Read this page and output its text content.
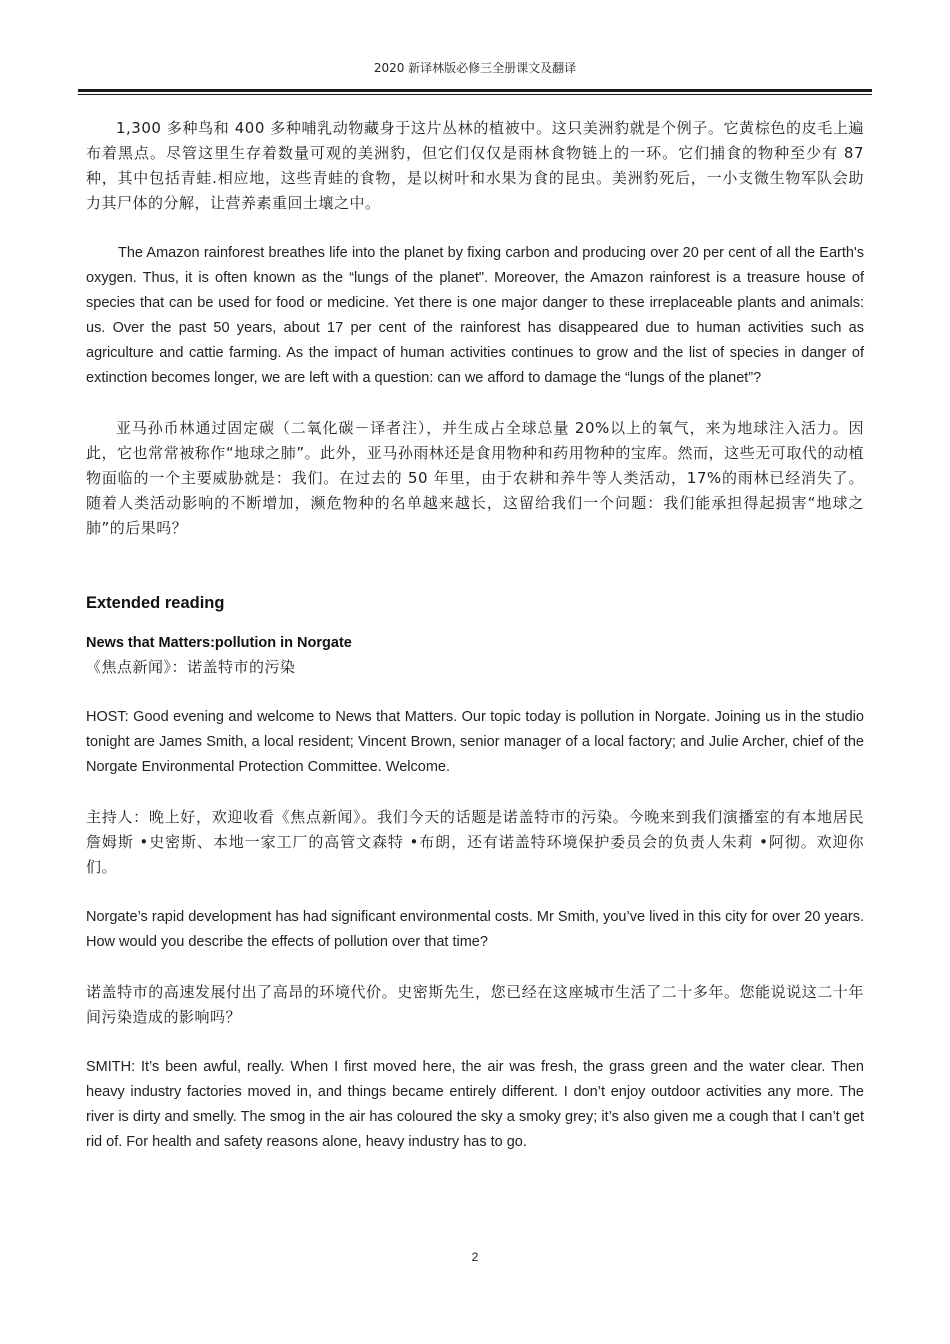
2020 新译林版必修三全册课文及翻译

1,300 多种鸟和 400 多种哺乳动物藏身于这片丛林的植被中。这只美洲豹就是个例子。它黄棕色的皮毛上遍布着黑点。尽管这里生存着数量可观的美洲豹，但它们仅仅是雨林食物链上的一环。它们捕食的物种至少有 87 种，其中包括青蛙.相应地，这些青蛙的食物，是以树叶和水果为食的昆虫。美洲豹死后，一小支微生物军队会助力其尸体的分解，让营养素重回土壤之中。

The Amazon rainforest breathes life into the planet by fixing carbon and producing over 20 per cent of all the Earth's oxygen. Thus, it is often known as the “lungs of the planet". Moreover, the Amazon rainforest is a treasure house of species that can be used for food or medicine. Yet there is one major danger to these irreplaceable plants and animals: us. Over the past 50 years, about 17 per cent of the rainforest has disappeared due to human activities such as agriculture and cattie farming. As the impact of human activities continues to grow and the list of species in danger of extinction becomes longer, we are left with a question: can we afford to damage the “lungs of the planet”?

亚马孙币林通过固定碳（二氧化碳－译者注），并生成占全球总量 20%以上的氧气，来为地球注入活力。因此，它也常常被称作“地球之肺”。此外，亚马孙雨林还是食用物种和药用物种的宝库。然而，这些无可取代的动植物面临的一个主要威胁就是：我们。在过去的 50 年里，由于农耕和养牛等人类活动，17%的雨林已经消失了。随着人类活动影响的不断增加，濒危物种的名单越来越长，这留给我们一个问题：我们能承担得起损害“地球之肺”的后果吗？

Extended reading
News that Matters:pollution in Norgate

《焦点新闻》：诺盖特市的污染

HOST: Good evening and welcome to News that Matters. Our topic today is pollution in Norgate. Joining us in the studio tonight are James Smith, a local resident; Vincent Brown, senior manager of a local factory; and Julie Archer, chief of the Norgate Environmental Protection Committee. Welcome.

主持人：晚上好，欢迎收看《焦点新闻》。我们今天的话题是诺盖特市的污染。今晚来到我们演播室的有本地居民詹姆斯 •史密斯、本地一家工厂的高管文森特 •布朗，还有诺盖特环境保护委员会的负责人朱莉 •阿彻。欢迎你们。

Norgate’s rapid development has had significant environmental costs. Mr Smith, you’ve lived in this city for over 20 years. How would you describe the effects of pollution over that time?

诺盖特市的高速发展付出了高昂的环境代价。史密斯先生，您已经在这座城市生活了二十多年。您能说说这二十年间污染造成的影响吗？

SMITH: It’s been awful, really. When I first moved here, the air was fresh, the grass green and the water clear. Then heavy industry factories moved in, and things became entirely different. I don’t enjoy outdoor activities any more. The river is dirty and smelly. The smog in the air has coloured the sky a smoky grey; it’s also given me a cough that I can’t get rid of. For health and safety reasons alone, heavy industry has to go.

2
